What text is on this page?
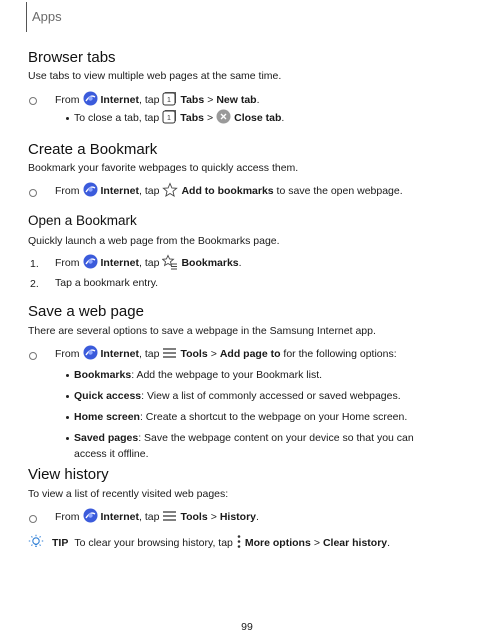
Apps
Browser tabs
Use tabs to view multiple web pages at the same time.
From Internet , tap 1 Tabs > New tab .
To close a tab, tap 1 Tabs > Close tab .
Create a Bookmark
Bookmark your favorite webpages to quickly access them.
From Internet , tap Add to bookmarks to save the open webpage.
Open a Bookmark
Quickly launch a web page from the Bookmarks page.
1. From Internet , tap Bookmarks .
2. Tap a bookmark entry.
Save a web page
There are several options to save a webpage in the Samsung Internet app.
From Internet , tap Tools > Add page to for the following options:
Bookmarks : Add the webpage to your Bookmark list.
Quick access : View a list of commonly accessed or saved webpages.
Home screen : Create a shortcut to the webpage on your Home screen.
Saved pages : Save the webpage content on your device so that you can
access it offline.
View history
To view a list of recently visited web pages:
From Internet , tap Tools > History .
TIP To clear your browsing history, tap More options > Clear history .
99
